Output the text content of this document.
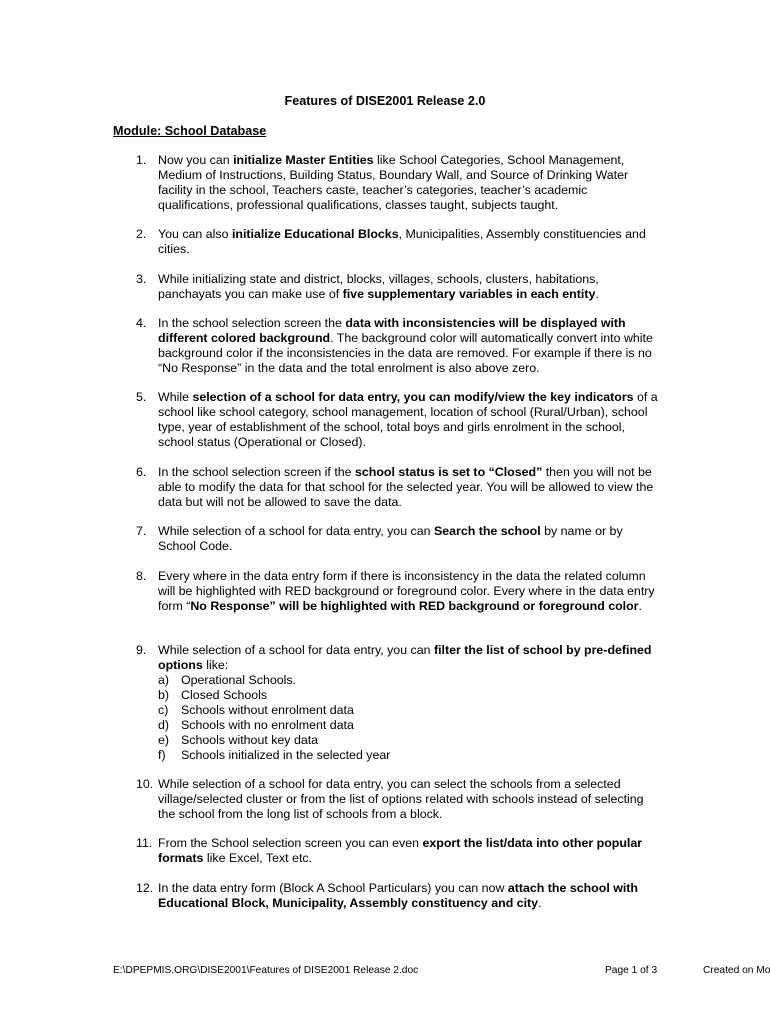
Features of DISE2001 Release 2.0
Module: School Database
1. Now you can initialize Master Entities like School Categories, School Management, Medium of Instructions, Building Status, Boundary Wall, and Source of Drinking Water facility in the school, Teachers caste, teacher’s categories, teacher’s academic qualifications, professional qualifications, classes taught, subjects taught.
2. You can also initialize Educational Blocks, Municipalities, Assembly constituencies and cities.
3. While initializing state and district, blocks, villages, schools, clusters, habitations, panchayats you can make use of five supplementary variables in each entity.
4. In the school selection screen the data with inconsistencies will be displayed with different colored background. The background color will automatically convert into white background color if the inconsistencies in the data are removed. For example if there is no “No Response” in the data and the total enrolment is also above zero.
5. While selection of a school for data entry, you can modify/view the key indicators of a school like school category, school management, location of school (Rural/Urban), school type, year of establishment of the school, total boys and girls enrolment in the school, school status (Operational or Closed).
6. In the school selection screen if the school status is set to “Closed” then you will not be able to modify the data for that school for the selected year. You will be allowed to view the data but will not be allowed to save the data.
7. While selection of a school for data entry, you can Search the school by name or by School Code.
8. Every where in the data entry form if there is inconsistency in the data the related column will be highlighted with RED background or foreground color. Every where in the data entry form “No Response” will be highlighted with RED background or foreground color.
9. While selection of a school for data entry, you can filter the list of school by pre-defined options like:
a) Operational Schools.
b) Closed Schools
c) Schools without enrolment data
d) Schools with no enrolment data
e) Schools without key data
f) Schools initialized in the selected year
10. While selection of a school for data entry, you can select the schools from a selected village/selected cluster or from the list of options related with schools instead of selecting the school from the long list of schools from a block.
11. From the School selection screen you can even export the list/data into other popular formats like Excel, Text etc.
12. In the data entry form (Block A School Particulars) you can now attach the school with Educational Block, Municipality, Assembly constituency and city.
E:\DPEPMIS.ORG\DISE2001\Features of DISE2001 Release 2.doc	Page 1 of 3	Created on Mo
